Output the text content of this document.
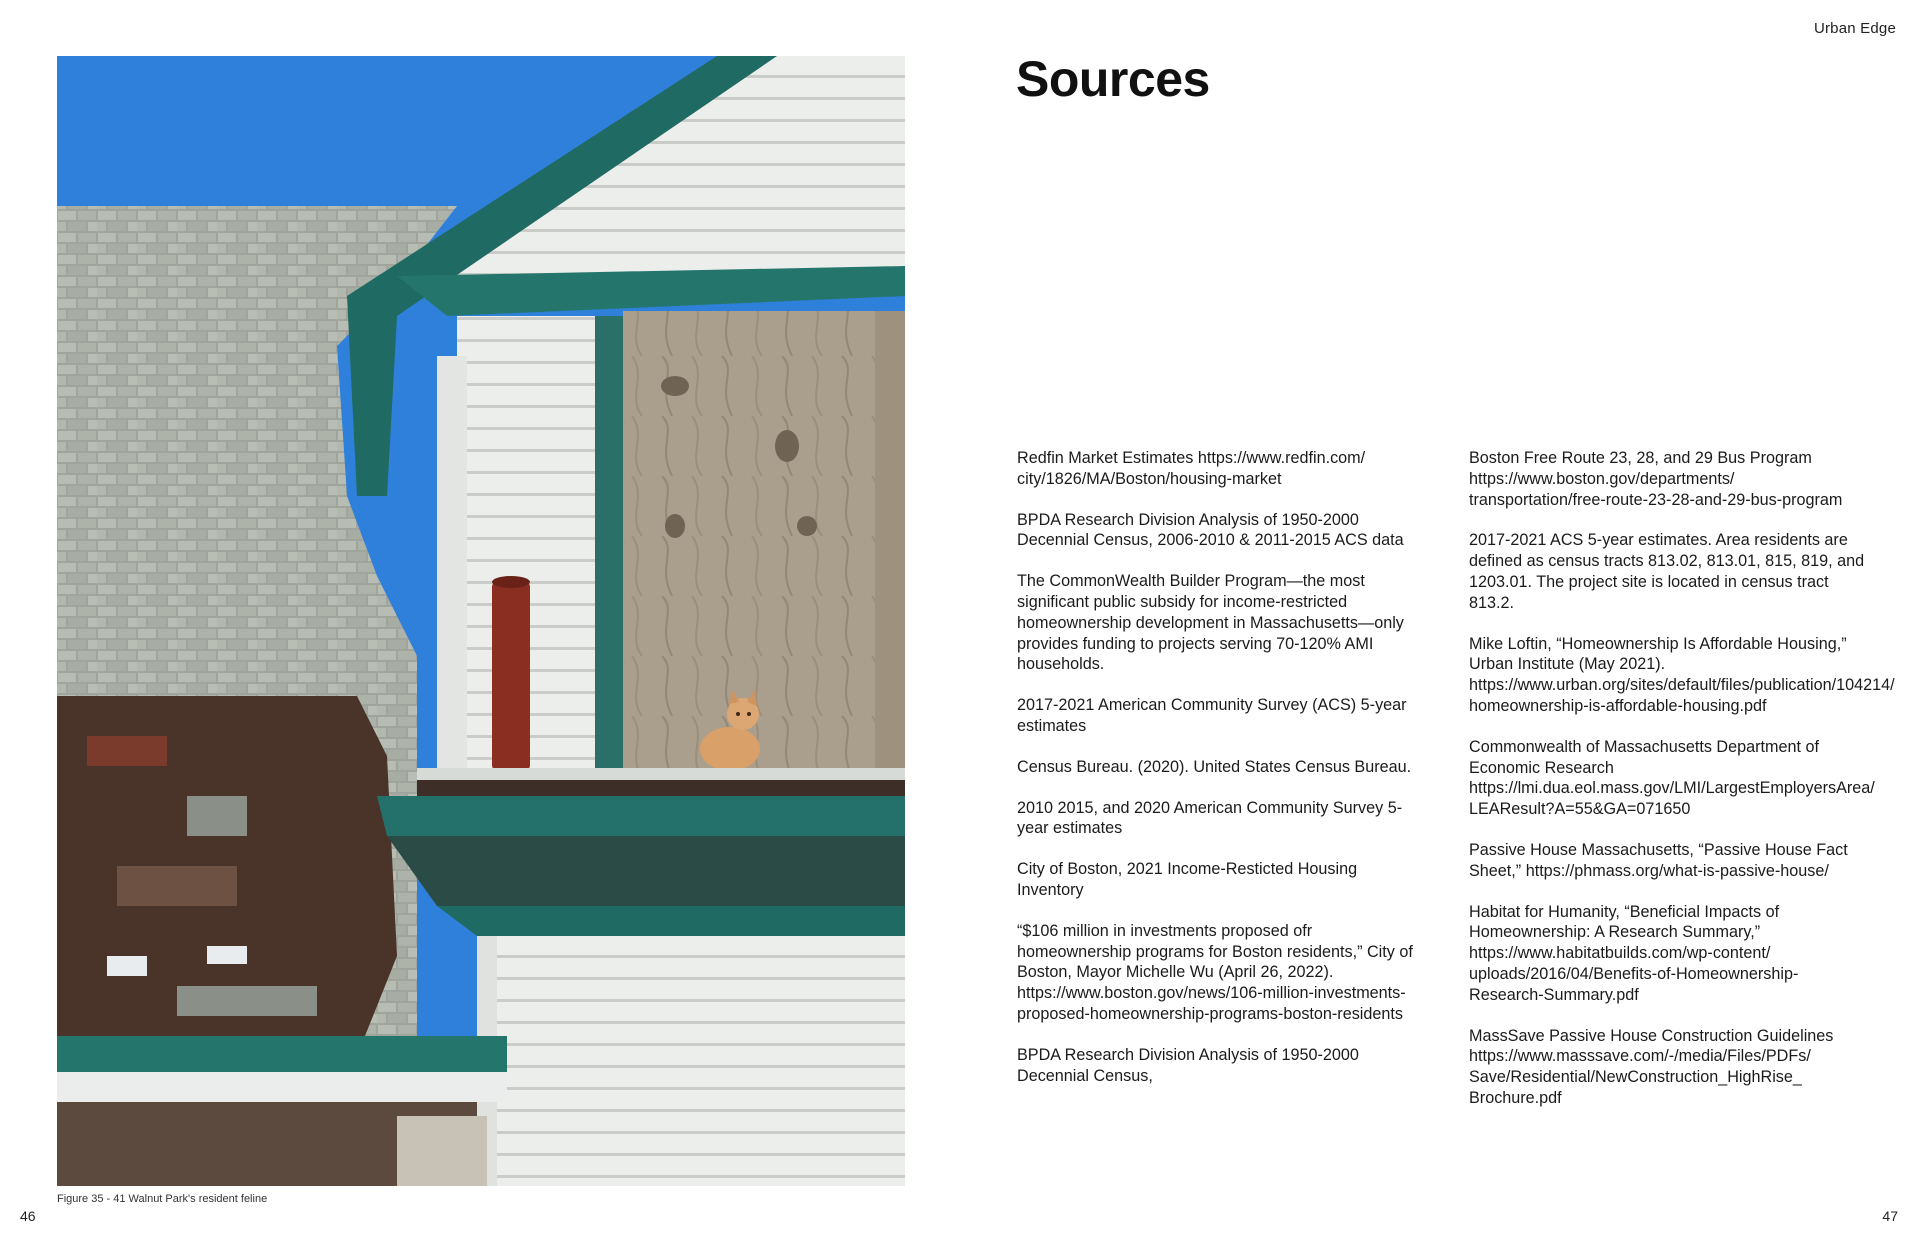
Urban Edge
Figure 35 - 41 Walnut Park's resident feline
46	47
Sources

Redfin Market Estimates https://www.redfin.com/ city/1826/MA/Boston/housing-market

BPDA Research Division Analysis of 1950-2000 Decennial Census, 2006-2010 & 2011-2015 ACS data

The CommonWealth Builder Program—the most significant public subsidy for income-restricted homeownership development in Massachusetts—only provides funding to projects serving 70-120% AMI households.

2017-2021 American Community Survey (ACS) 5-year estimates

Census Bureau. (2020). United States Census Bureau.

2010 2015, and 2020 American Community Survey 5-year estimates

City of Boston, 2021 Income-Resticted Housing Inventory

“$106 million in investments proposed ofr homeownership programs for Boston residents,” City of Boston, Mayor Michelle Wu (April 26, 2022). https://www.boston.gov/news/106-million-investments-proposed-homeownership-programs-boston-residents

BPDA Research Division Analysis of 1950-2000 Decennial Census,

Boston Free Route 23, 28, and 29 Bus Program https://www.boston.gov/departments/ transportation/free-route-23-28-and-29-bus-program

2017-2021 ACS 5-year estimates. Area residents are defined as census tracts 813.02, 813.01, 815, 819, and 1203.01. The project site is located in census tract 813.2.

Mike Loftin, “Homeownership Is Affordable Housing,” Urban Institute (May 2021). https://www.urban.org/sites/default/files/publication/104214/ homeownership-is-affordable-housing.pdf

Commonwealth of Massachusetts Department of Economic Research https://lmi.dua.eol.mass.gov/LMI/LargestEmployersArea/ LEAResult?A=55&GA=071650

Passive House Massachusetts, “Passive House Fact Sheet,” https://phmass.org/what-is-passive-house/

Habitat for Humanity, “Beneficial Impacts of Homeownership: A Research Summary,” https://www.habitatbuilds.com/wp-content/ uploads/2016/04/Benefits-of-Homeownership-Research-Summary.pdf

MassSave Passive House Construction Guidelines https://www.masssave.com/-/media/Files/PDFs/ Save/Residential/NewConstruction_HighRise_ Brochure.pdf
